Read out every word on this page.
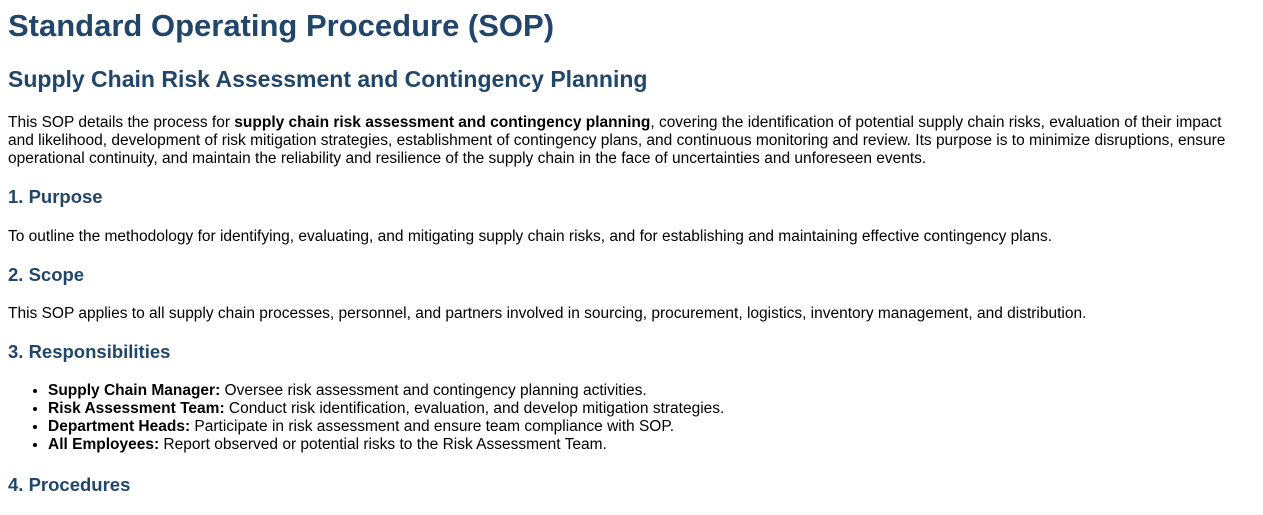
Standard Operating Procedure (SOP)
Supply Chain Risk Assessment and Contingency Planning

This SOP details the process for supply chain risk assessment and contingency planning, covering the identification of potential supply chain risks, evaluation of their impact and likelihood, development of risk mitigation strategies, establishment of contingency plans, and continuous monitoring and review. Its purpose is to minimize disruptions, ensure operational continuity, and maintain the reliability and resilience of the supply chain in the face of uncertainties and unforeseen events.

1. Purpose

To outline the methodology for identifying, evaluating, and mitigating supply chain risks, and for establishing and maintaining effective contingency plans.

2. Scope

This SOP applies to all supply chain processes, personnel, and partners involved in sourcing, procurement, logistics, inventory management, and distribution.

3. Responsibilities
• Supply Chain Manager: Oversee risk assessment and contingency planning activities.
• Risk Assessment Team: Conduct risk identification, evaluation, and develop mitigation strategies.
• Department Heads: Participate in risk assessment and ensure team compliance with SOP.
• All Employees: Report observed or potential risks to the Risk Assessment Team.
4. Procedures
